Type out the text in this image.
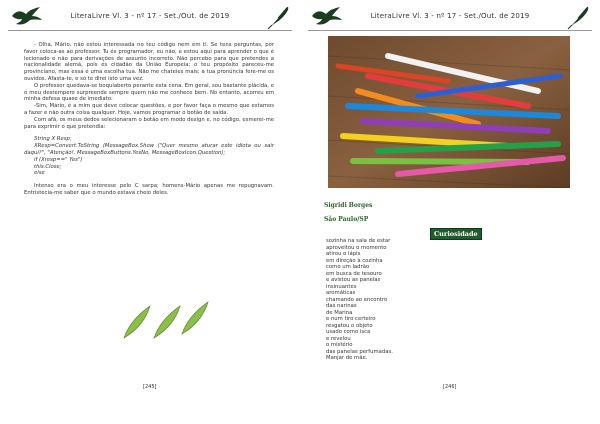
LiteraLivre Vl. 3 - nº 17 - Set./Out. de 2019

- Olha, Mário, não estou interessada no teu código nem em ti. Se tens perguntas, por favor coloca-as ao professor. Tu és programador, eu não, e estou aqui para aprender o que é lecionado e não para derivações de assunto incorreto. Não percebo para que pretendes a nacionalidade alemã, pois és cidadão da União Europeia; o teu propósito pareceu-me provinciano, mas essa é uma escolha tua. Não me chateies mais; a tua pronúncia fere-me os ouvidos. Afasta-te, e só te direi isto uma vez.

O professor quedava-se boquiaberto perante esta cena. Em geral, sou bastante plácida, e o meu destempero surpreende sempre quem não me conhece bem. No entanto, acorreu em minha defesa quase de imediato:

-Sim, Mário, é a mim que deve colocar questões, e por favor faça o mesmo que estamos a fazer e não outra coisa qualquer. Hoje, vamos programar o botão de saída.

Com afã, os meus dedos selecionaram o botão em modo design e, no código, esmerei-me para exprimir o que pretendia:

String X Resp;

XResp=Convert.ToString (MessageBox.Show ("Quer mesmo aturar este idiota ou sair daqui?", "Atenção!, MessageBoxButtons.YesNo, MessageBoxIcon.Question);

if (Xresp==" Yes")

this.Close;

else

Intenso era o meu interesse pelo C sarpa; homens-Mário apenas me repugnavam. Entristecia-me saber que o mundo estava cheio deles.

[245]
LiteraLivre Vl. 3 - nº 17 - Set./Out. de 2019
Sigridi Borges
São Paulo/SP
Curiosidade
sozinha na sala de estar
aproveitou o momento
atirou o lápis
em direção à cozinha
como um ladrão
em busca de tesouro
e avistou as panelas
insinuantes
aromáticas
chamando ao encontro
das narinas
de Marina
e num tiro certeiro
resgatou o objeto
usado como isca
e revelou
o mistério
das panelas perfumadas.
Manjar de mãe.
[246]
